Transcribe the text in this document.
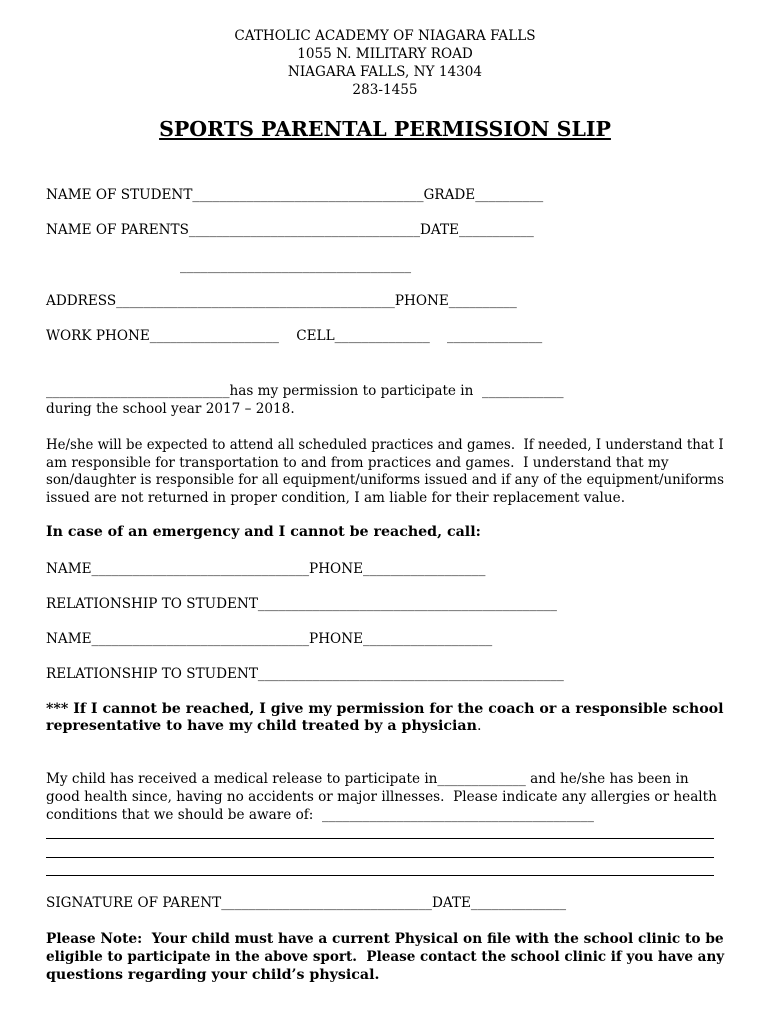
CATHOLIC ACADEMY OF NIAGARA FALLS
1055 N. MILITARY ROAD
NIAGARA FALLS, NY 14304
283-1455
SPORTS PARENTAL PERMISSION SLIP
NAME OF STUDENT__________________________________GRADE__________
NAME OF PARENTS__________________________________DATE___________
__________________________________
ADDRESS_________________________________________PHONE__________
WORK PHONE___________________    CELL______________    ______________
___________________________has my permission to participate in  ____________
during the school year 2017 – 2018.
He/she will be expected to attend all scheduled practices and games.  If needed, I understand that I
am responsible for transportation to and from practices and games.  I understand that my
son/daughter is responsible for all equipment/uniforms issued and if any of the equipment/uniforms
issued are not returned in proper condition, I am liable for their replacement value.
In case of an emergency and I cannot be reached, call:
NAME________________________________PHONE__________________
RELATIONSHIP TO STUDENT____________________________________________
NAME________________________________PHONE___________________
RELATIONSHIP TO STUDENT_____________________________________________
*** If I cannot be reached, I give my permission for the coach or a responsible school
representative to have my child treated by a physician.
My child has received a medical release to participate in_____________ and he/she has been in
good health since, having no accidents or major illnesses.  Please indicate any allergies or health
conditions that we should be aware of:  ________________________________________
SIGNATURE OF PARENT_______________________________DATE______________
Please Note:  Your child must have a current Physical on file with the school clinic to be
eligible to participate in the above sport.  Please contact the school clinic if you have any
questions regarding your child’s physical.
